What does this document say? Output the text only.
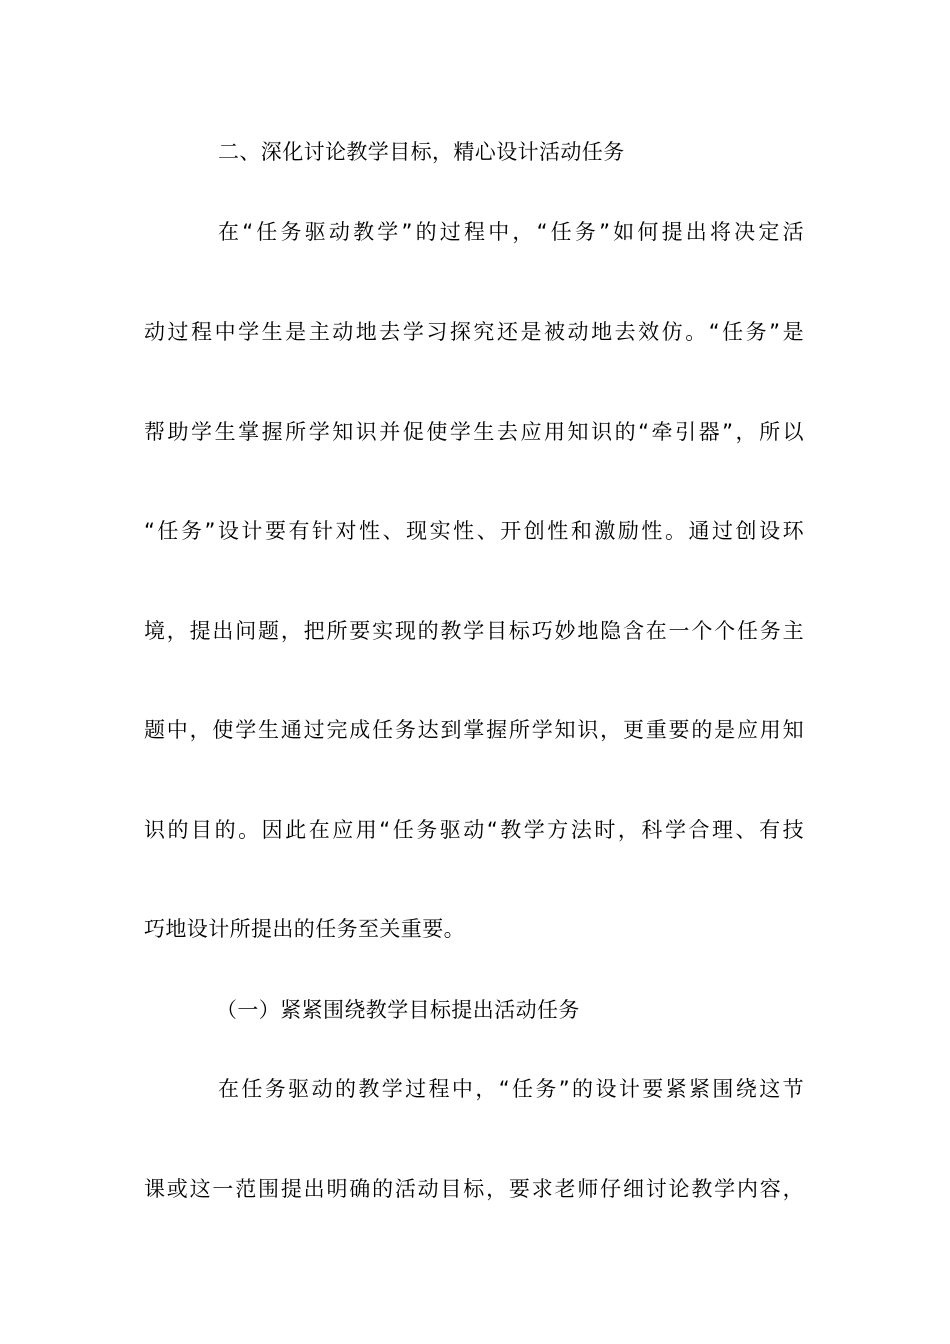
二、深化讨论教学目标，精心设计活动任务
在“任务驱动教学”的过程中，“任务”如何提出将决定活
动过程中学生是主动地去学习探究还是被动地去效仿。“任务”是
帮助学生掌握所学知识并促使学生去应用知识的“牵引器”，所以
“任务”设计要有针对性、现实性、开创性和激励性。通过创设环
境，提出问题，把所要实现的教学目标巧妙地隐含在一个个任务主
题中，使学生通过完成任务达到掌握所学知识，更重要的是应用知
识的目的。因此在应用“任务驱动“教学方法时，科学合理、有技
巧地设计所提出的任务至关重要。
（一）紧紧围绕教学目标提出活动任务
在任务驱动的教学过程中，“任务”的设计要紧紧围绕这节
课或这一范围提出明确的活动目标，要求老师仔细讨论教学内容，
